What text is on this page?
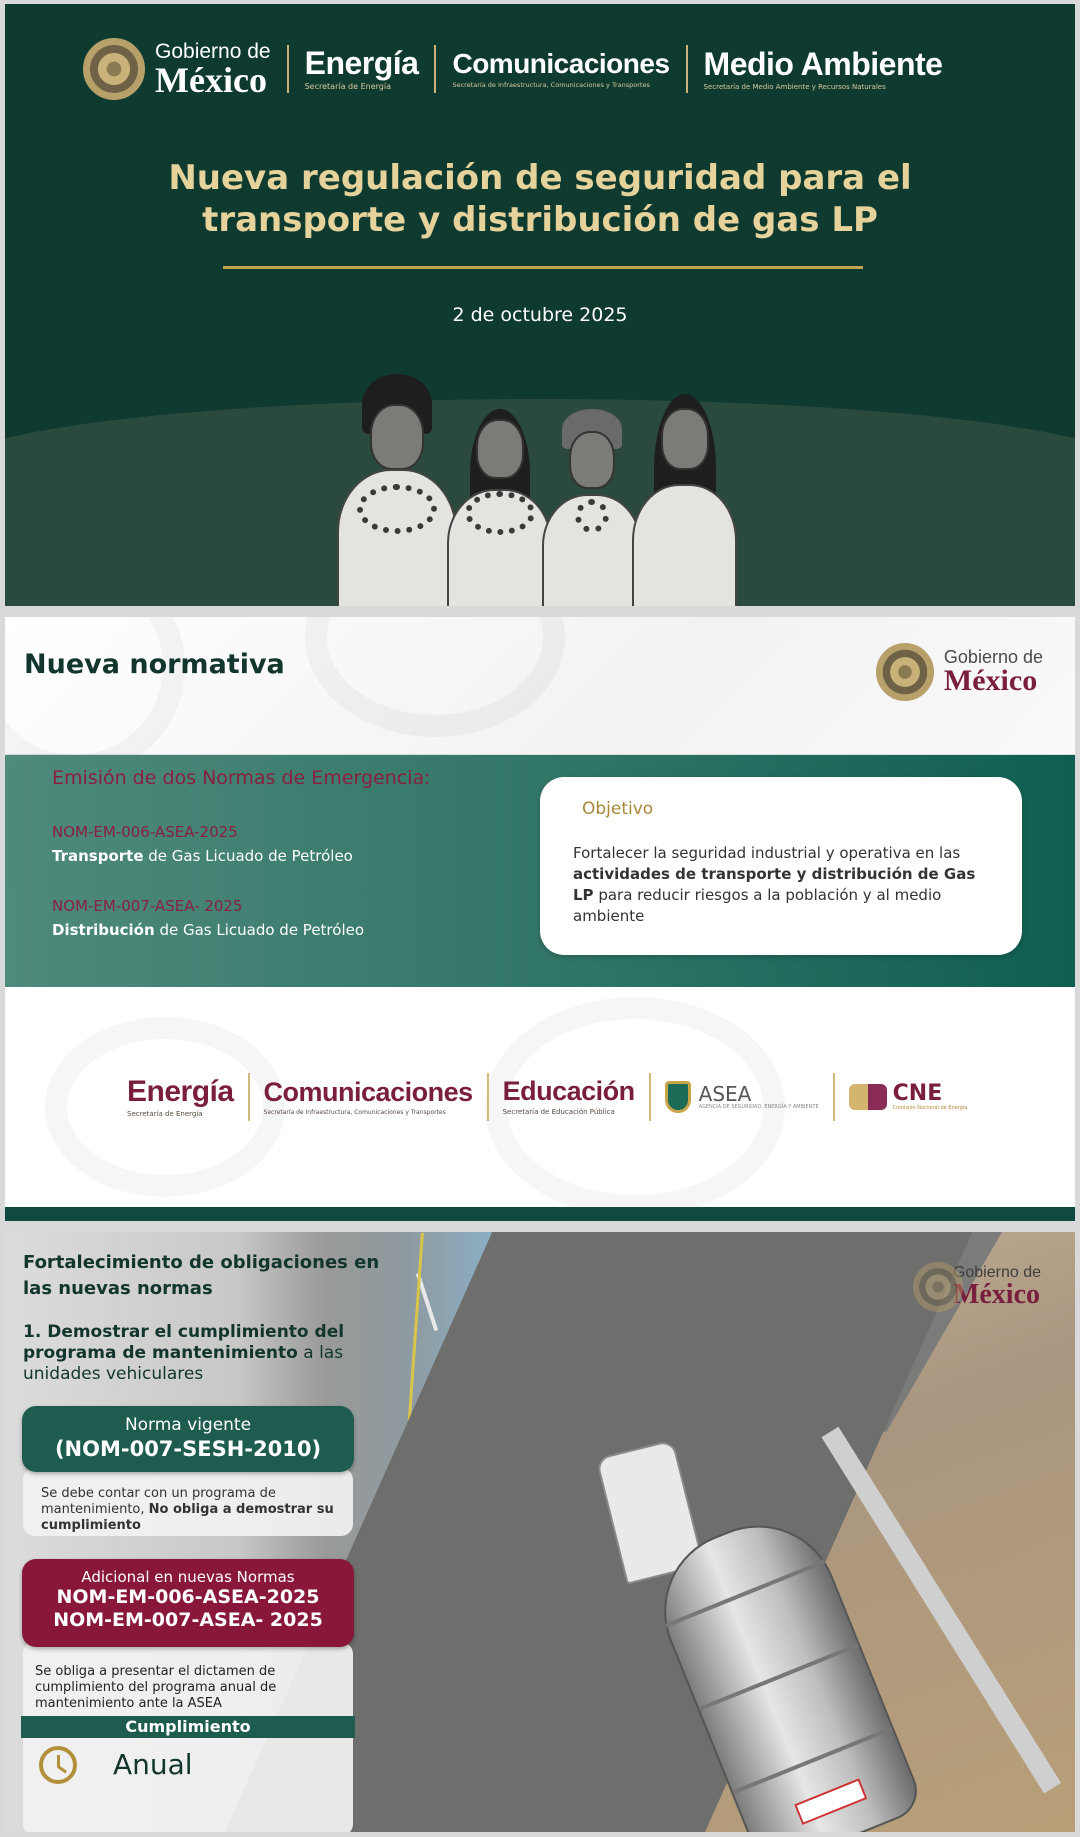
Gobierno de
México Energía
Secretaría de Energía
Comunicaciones
Secretaría de Infraestructura, Comunicaciones y Transportes
Medio Ambiente
Secretaría de Medio Ambiente y Recursos Naturales
Nueva regulación de seguridad para el
transporte y distribución de gas LP
2 de octubre 2025
Nueva normativa	Gobierno de
México
Emisión de dos Normas de Emergencia:
NOM-EM-006-ASEA-2025
Transporte de Gas Licuado de Petróleo
NOM-EM-007-ASEA- 2025
Distribución de Gas Licuado de Petróleo
Objetivo
Fortalecer la seguridad industrial y operativa en las actividades de transporte y distribución de Gas LP para reducir riesgos a la población y al medio ambiente
Energía
Secretaría de Energía
Comunicaciones
Secretaría de Infraestructura, Comunicaciones y Transportes
Educación
Secretaría de Educación Pública
ASEA
AGENCIA DE SEGURIDAD, ENERGÍA Y AMBIENTE
CNE
Comisión Nacional de Energía
Fortalecimiento de obligaciones en las nuevas normas
1. Demostrar el cumplimiento del programa de mantenimiento a las unidades vehiculares
Gobierno de
México
Se debe contar con un programa de mantenimiento, No obliga a demostrar su cumplimiento
Norma vigente
(NOM-007-SESH-2010)
Se obliga a presentar el dictamen de cumplimiento del programa anual de mantenimiento ante la ASEA
Cumplimiento
Anual
Adicional en nuevas Normas
NOM-EM-006-ASEA-2025
NOM-EM-007-ASEA- 2025
